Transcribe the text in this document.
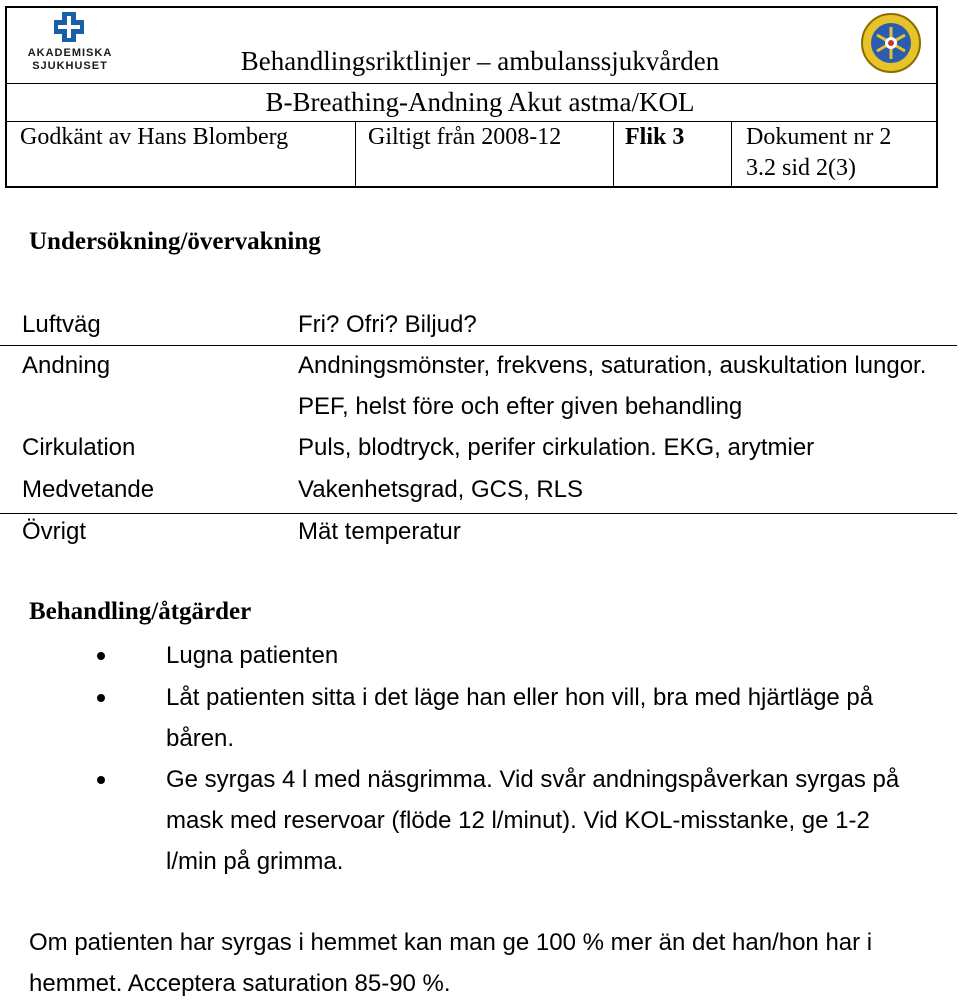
AKADEMISKA
SJUKHUSET	Behandlingsriktlinjer – ambulanssjukvården
B-Breathing-Andning Akut astma/KOL
Godkänt av Hans Blomberg	Giltigt från 2008-12	Flik 3	Dokument nr 2
3.2 sid 2(3)
Undersökning/övervakning
Luftväg	Fri? Ofri? Biljud?
Andning	Andningsmönster, frekvens, saturation, auskultation lungor. PEF, helst före och efter given behandling
Cirkulation	Puls, blodtryck, perifer cirkulation. EKG, arytmier
Medvetande	Vakenhetsgrad, GCS, RLS
Övrigt	Mät temperatur
Behandling/åtgärder
Lugna patienten
Låt patienten sitta i det läge han eller hon vill, bra med hjärtläge på båren.
Ge syrgas 4 l med näsgrimma. Vid svår andningspåverkan syrgas på mask med reservoar (flöde 12 l/minut). Vid KOL-misstanke, ge 1-2 l/min på grimma.
Om patienten har syrgas i hemmet kan man ge 100 % mer än det han/hon har i hemmet. Acceptera saturation 85-90 %.
